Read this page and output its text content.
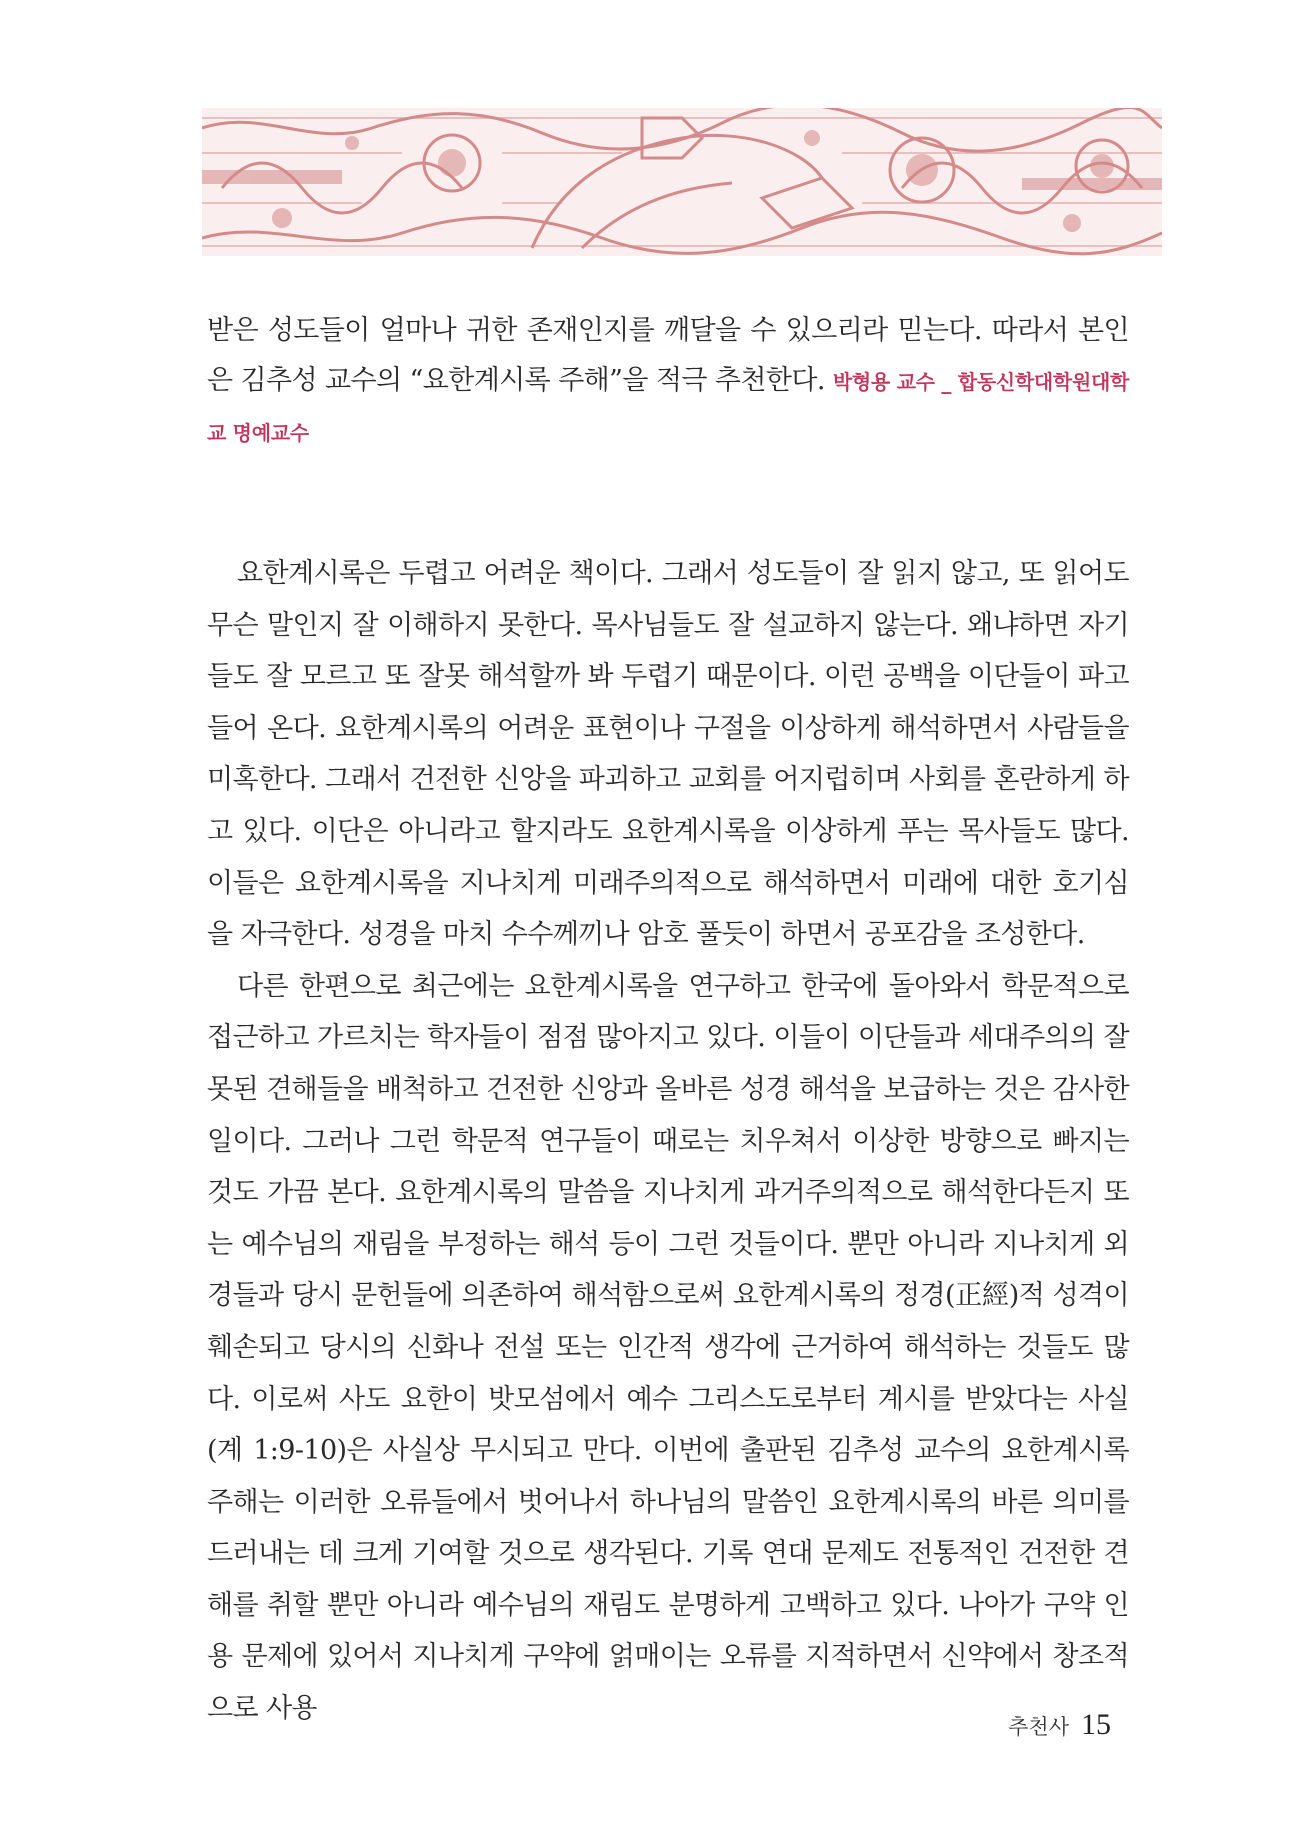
받은 성도들이 얼마나 귀한 존재인지를 깨달을 수 있으리라 믿는다. 따라서 본인은 김추성 교수의 “요한계시록 주해”을 적극 추천한다. 박형용 교수 _ 합동신학대학원대학교 명예교수

요한계시록은 두렵고 어려운 책이다. 그래서 성도들이 잘 읽지 않고, 또 읽어도 무슨 말인지 잘 이해하지 못한다. 목사님들도 잘 설교하지 않는다. 왜냐하면 자기들도 잘 모르고 또 잘못 해석할까 봐 두렵기 때문이다. 이런 공백을 이단들이 파고들어 온다. 요한계시록의 어려운 표현이나 구절을 이상하게 해석하면서 사람들을 미혹한다. 그래서 건전한 신앙을 파괴하고 교회를 어지럽히며 사회를 혼란하게 하고 있다. 이단은 아니라고 할지라도 요한계시록을 이상하게 푸는 목사들도 많다. 이들은 요한계시록을 지나치게 미래주의적으로 해석하면서 미래에 대한 호기심을 자극한다. 성경을 마치 수수께끼나 암호 풀듯이 하면서 공포감을 조성한다.

다른 한편으로 최근에는 요한계시록을 연구하고 한국에 돌아와서 학문적으로 접근하고 가르치는 학자들이 점점 많아지고 있다. 이들이 이단들과 세대주의의 잘못된 견해들을 배척하고 건전한 신앙과 올바른 성경 해석을 보급하는 것은 감사한 일이다. 그러나 그런 학문적 연구들이 때로는 치우쳐서 이상한 방향으로 빠지는 것도 가끔 본다. 요한계시록의 말씀을 지나치게 과거주의적으로 해석한다든지 또는 예수님의 재림을 부정하는 해석 등이 그런 것들이다. 뿐만 아니라 지나치게 외경들과 당시 문헌들에 의존하여 해석함으로써 요한계시록의 정경(正經)적 성격이 훼손되고 당시의 신화나 전설 또는 인간적 생각에 근거하여 해석하는 것들도 많다. 이로써 사도 요한이 밧모섬에서 예수 그리스도로부터 계시를 받았다는 사실(계 1:9-10)은 사실상 무시되고 만다. 이번에 출판된 김추성 교수의 요한계시록 주해는 이러한 오류들에서 벗어나서 하나님의 말씀인 요한계시록의 바른 의미를 드러내는 데 크게 기여할 것으로 생각된다. 기록 연대 문제도 전통적인 건전한 견해를 취할 뿐만 아니라 예수님의 재림도 분명하게 고백하고 있다. 나아가 구약 인용 문제에 있어서 지나치게 구약에 얽매이는 오류를 지적하면서 신약에서 창조적으로 사용

추천사 15
